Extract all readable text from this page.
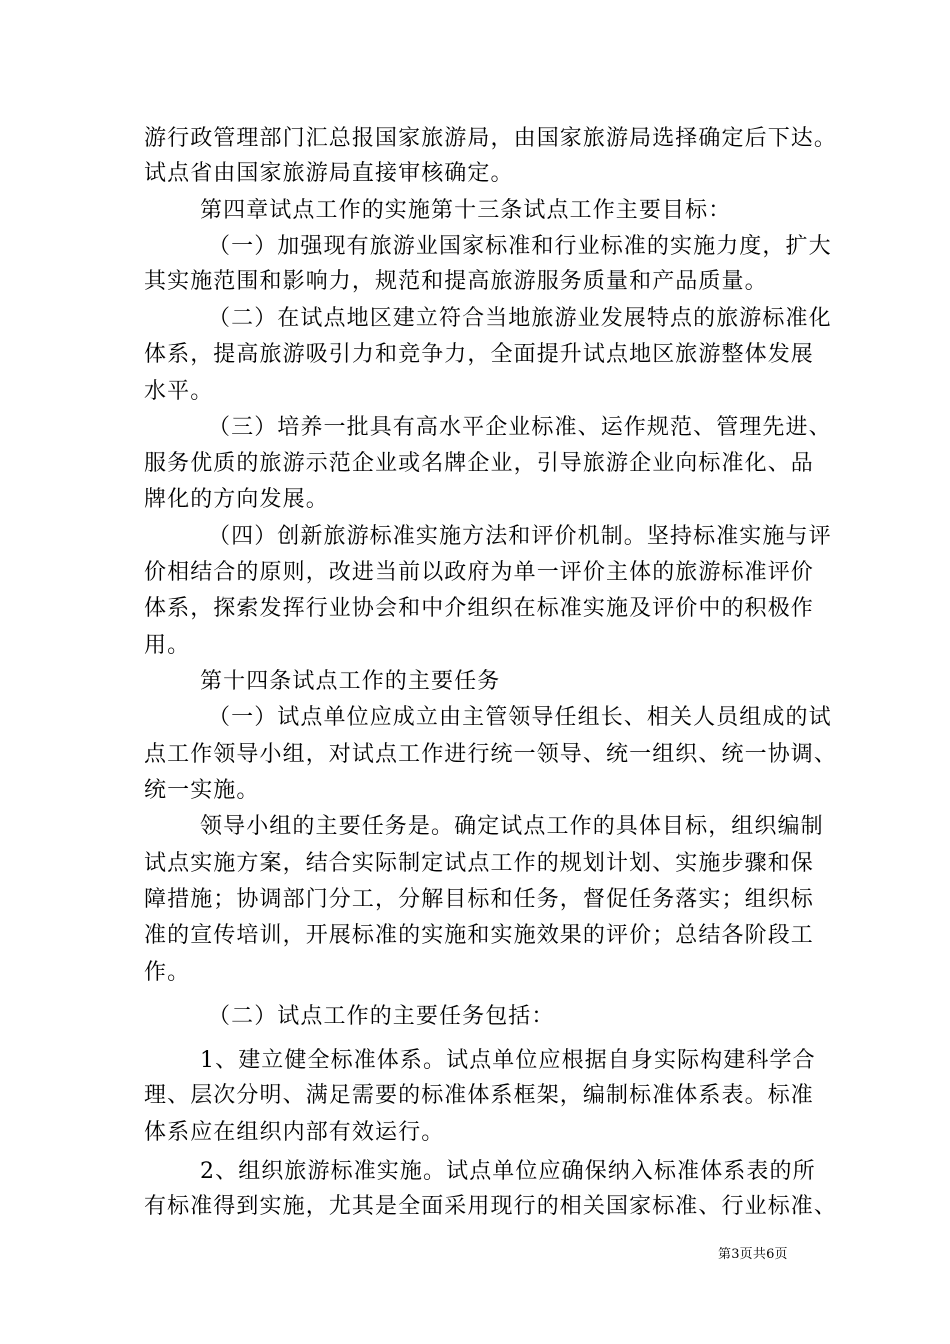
游行政管理部门汇总报国家旅游局，由国家旅游局选择确定后下达。
试点省由国家旅游局直接审核确定。
第四章试点工作的实施第十三条试点工作主要目标：
（一）加强现有旅游业国家标准和行业标准的实施力度，扩大
其实施范围和影响力，规范和提高旅游服务质量和产品质量。
（二）在试点地区建立符合当地旅游业发展特点的旅游标准化
体系，提高旅游吸引力和竞争力，全面提升试点地区旅游整体发展
水平。
（三）培养一批具有高水平企业标准、运作规范、管理先进、
服务优质的旅游示范企业或名牌企业，引导旅游企业向标准化、品
牌化的方向发展。
（四）创新旅游标准实施方法和评价机制。坚持标准实施与评
价相结合的原则，改进当前以政府为单一评价主体的旅游标准评价
体系，探索发挥行业协会和中介组织在标准实施及评价中的积极作
用。
第十四条试点工作的主要任务
（一）试点单位应成立由主管领导任组长、相关人员组成的试
点工作领导小组，对试点工作进行统一领导、统一组织、统一协调、
统一实施。
领导小组的主要任务是。确定试点工作的具体目标，组织编制
试点实施方案，结合实际制定试点工作的规划计划、实施步骤和保
障措施；协调部门分工，分解目标和任务，督促任务落实；组织标
准的宣传培训，开展标准的实施和实施效果的评价；总结各阶段工
作。
（二）试点工作的主要任务包括：
1、建立健全标准体系。试点单位应根据自身实际构建科学合
理、层次分明、满足需要的标准体系框架，编制标准体系表。标准
体系应在组织内部有效运行。
2、组织旅游标准实施。试点单位应确保纳入标准体系表的所
有标准得到实施，尤其是全面采用现行的相关国家标准、行业标准、
第3页共6页
